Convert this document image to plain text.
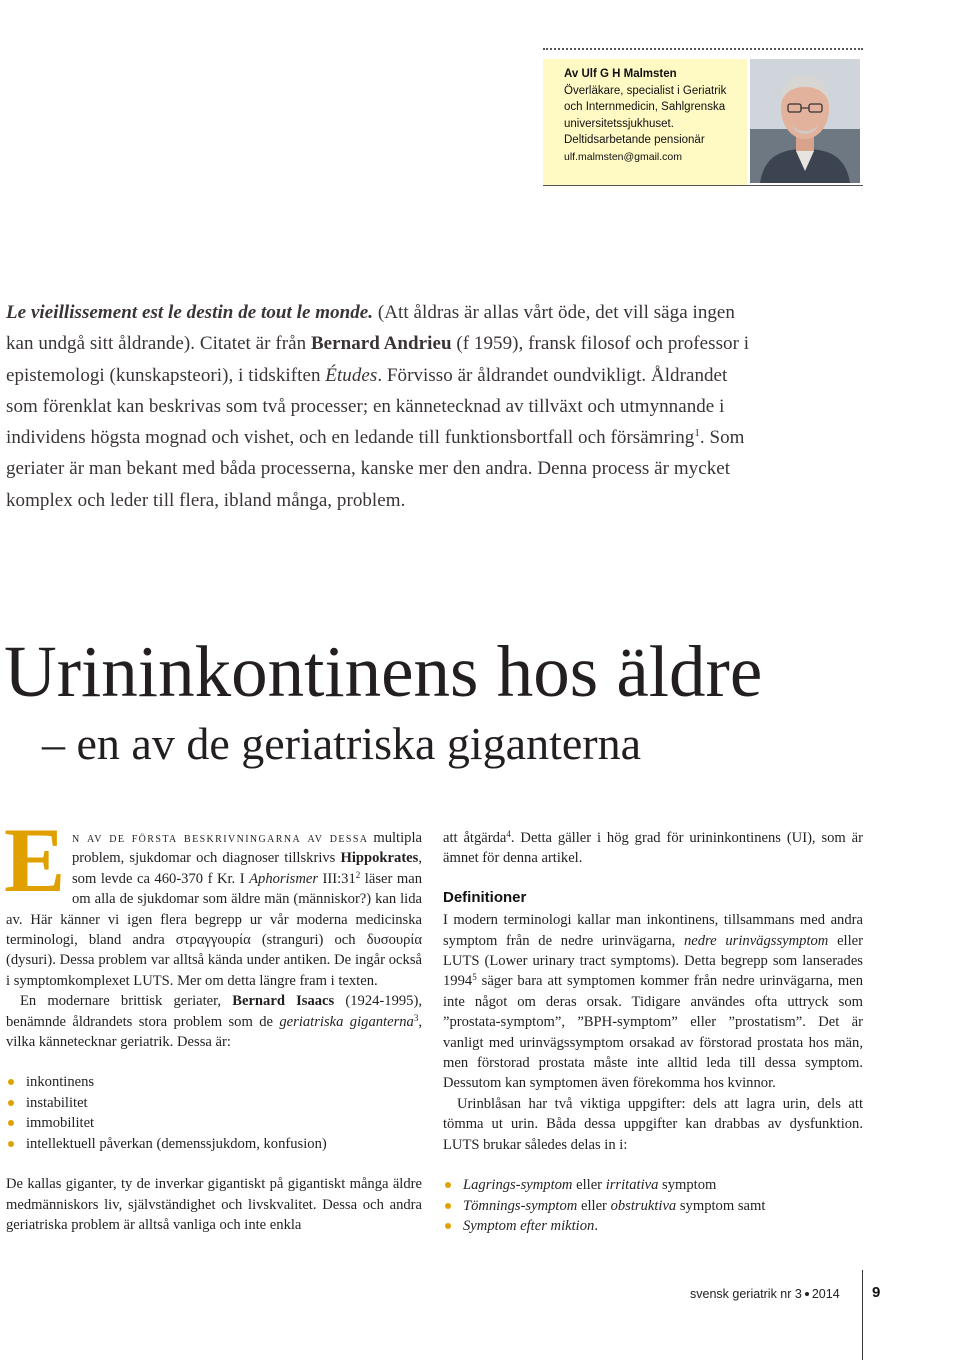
Av Ulf G H Malmsten
Överläkare, specialist i Geriatrik
och Internmedicin, Sahlgrenska
universitetssjukhuset.
Deltidsarbetande pensionär
ulf.malmsten@gmail.com
Le vieillissement est le destin de tout le monde. (Att åldras är allas vårt öde, det vill säga ingen kan undgå sitt åldrande). Citatet är från Bernard Andrieu (f 1959), fransk filosof och professor i epistemologi (kunskapsteori), i tidskiften Études. Förvisso är åldrandet oundvikligt. Åldrandet som förenklat kan beskrivas som två processer; en kännetecknad av tillväxt och utmynnande i individens högsta mognad och vishet, och en ledande till funktionsbortfall och försämring$^1$. Som geriater är man bekant med båda processerna, kanske mer den andra. Denna process är mycket komplex och leder till flera, ibland många, problem.
Urininkontinens hos äldre
– en av de geriatriska giganterna

E n av de första beskrivningarna av dessa multipla problem, sjukdomar och diagnoser tillskrivs Hippokrates, som levde ca 460-370 f Kr. I Aphorismer $III:31^2$ läser man om alla de sjukdomar som äldre män (människor?) kan lida av. Här känner vi igen flera begrepp ur vår moderna medicinska terminologi, bland andra στραγγουρία (stranguri) och δυσουρία (dysuri). Dessa problem var alltså kända under antiken. De ingår också i symptomkomplexet LUTS. Mer om detta längre fram i texten.

En modernare brittisk geriater, Bernard Isaacs (1924-1995), benämnde åldrandets stora problem som de geriatriska giganterna$^3$, vilka kännetecknar geriatrik. Dessa är:

inkontinens
instabilitet
immobilitet
intellektuell påverkan (demenssjukdom, konfusion)

De kallas giganter, ty de inverkar gigantiskt på gigantiskt många äldre medmänniskors liv, självständighet och livskvalitet. Dessa och andra geriatriska problem är alltså vanliga och inte enkla

att åtgärda$^4$. Detta gäller i hög grad för urininkontinens (UI), som är ämnet för denna artikel.

Definitioner

I modern terminologi kallar man inkontinens, tillsammans med andra symptom från de nedre urinvägarna, nedre urinvägssymptom eller LUTS (Lower urinary tract symptoms). Detta begrepp som lanserades 1994$^5$ säger bara att symptomen kommer från nedre urinvägarna, men inte något om deras orsak. Tidigare användes ofta uttryck som ”prostata-symptom”, ”BPH-symptom” eller ”prostatism”. Det är vanligt med urinvägssymptom orsakad av förstorad prostata hos män, men förstorad prostata måste inte alltid leda till dessa symptom. Dessutom kan symptomen även förekomma hos kvinnor.

Urinblåsan har två viktiga uppgifter: dels att lagra urin, dels att tömma ut urin. Båda dessa uppgifter kan drabbas av dysfunktion. LUTS brukar således delas in i:

Lagrings-symptom eller irritativa symptom
Tömnings-symptom eller obstruktiva symptom samt
Symptom efter miktion.
svensk geriatrik nr 3 2014 9
